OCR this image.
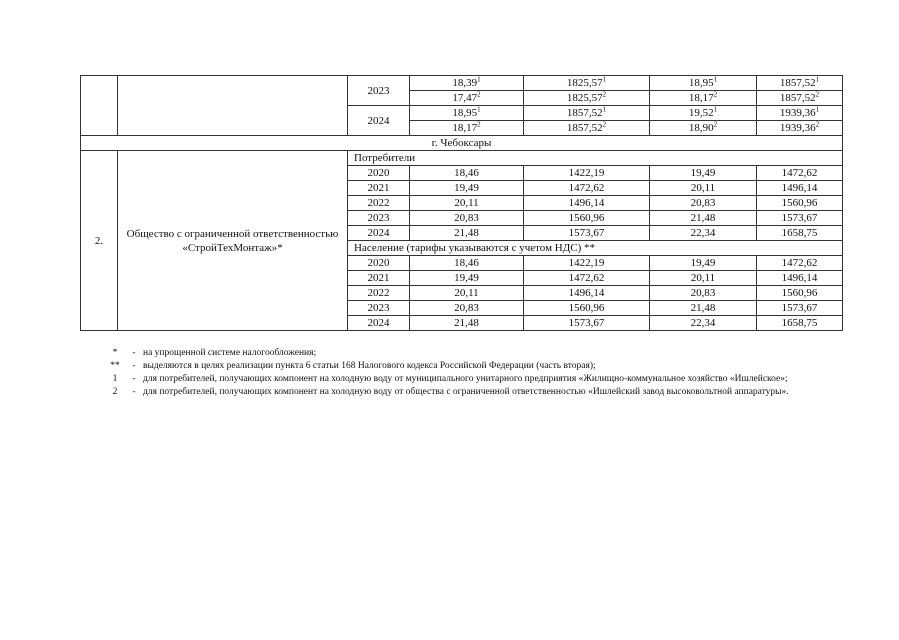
		2023	18,39$^1$	1825,57$^1$	18,95$^1$	1857,52$^1$
			17,47$^2$	1825,57$^2$	18,17$^2$	1857,52$^2$
		2024	18,95$^1$	1857,52$^1$	19,52$^1$	1939,36$^1$
			18,17$^2$	1857,52$^2$	18,90$^2$	1939,36$^2$
г. Чебоксары						
2.	Общество с ограниченной ответственностью «СтройТехМонтаж»*	Потребители				
		2020	18,46	1422,19	19,49	1472,62
		2021	19,49	1472,62	20,11	1496,14
		2022	20,11	1496,14	20,83	1560,96
		2023	20,83	1560,96	21,48	1573,67
		2024	21,48	1573,67	22,34	1658,75
		Население (тарифы указываются с учетом НДС) **				
		2020	18,46	1422,19	19,49	1472,62
		2021	19,49	1472,62	20,11	1496,14
		2022	20,11	1496,14	20,83	1560,96
		2023	20,83	1560,96	21,48	1573,67
		2024	21,48	1573,67	22,34	1658,75
*	- на упрощенной системе налогообложения;
**	- выделяются в целях реализации пункта 6 статьи 168 Налогового кодекса Российской Федерации (часть вторая);
1	- для потребителей, получающих компонент на холодную воду от муниципального унитарного предприятия «Жилищно-коммунальное хозяйство «Ишлейское»;
2	- для потребителей, получающих компонент на холодную воду от общества с ограниченной ответственностью «Ишлейский завод высоковольтной аппаратуры».
